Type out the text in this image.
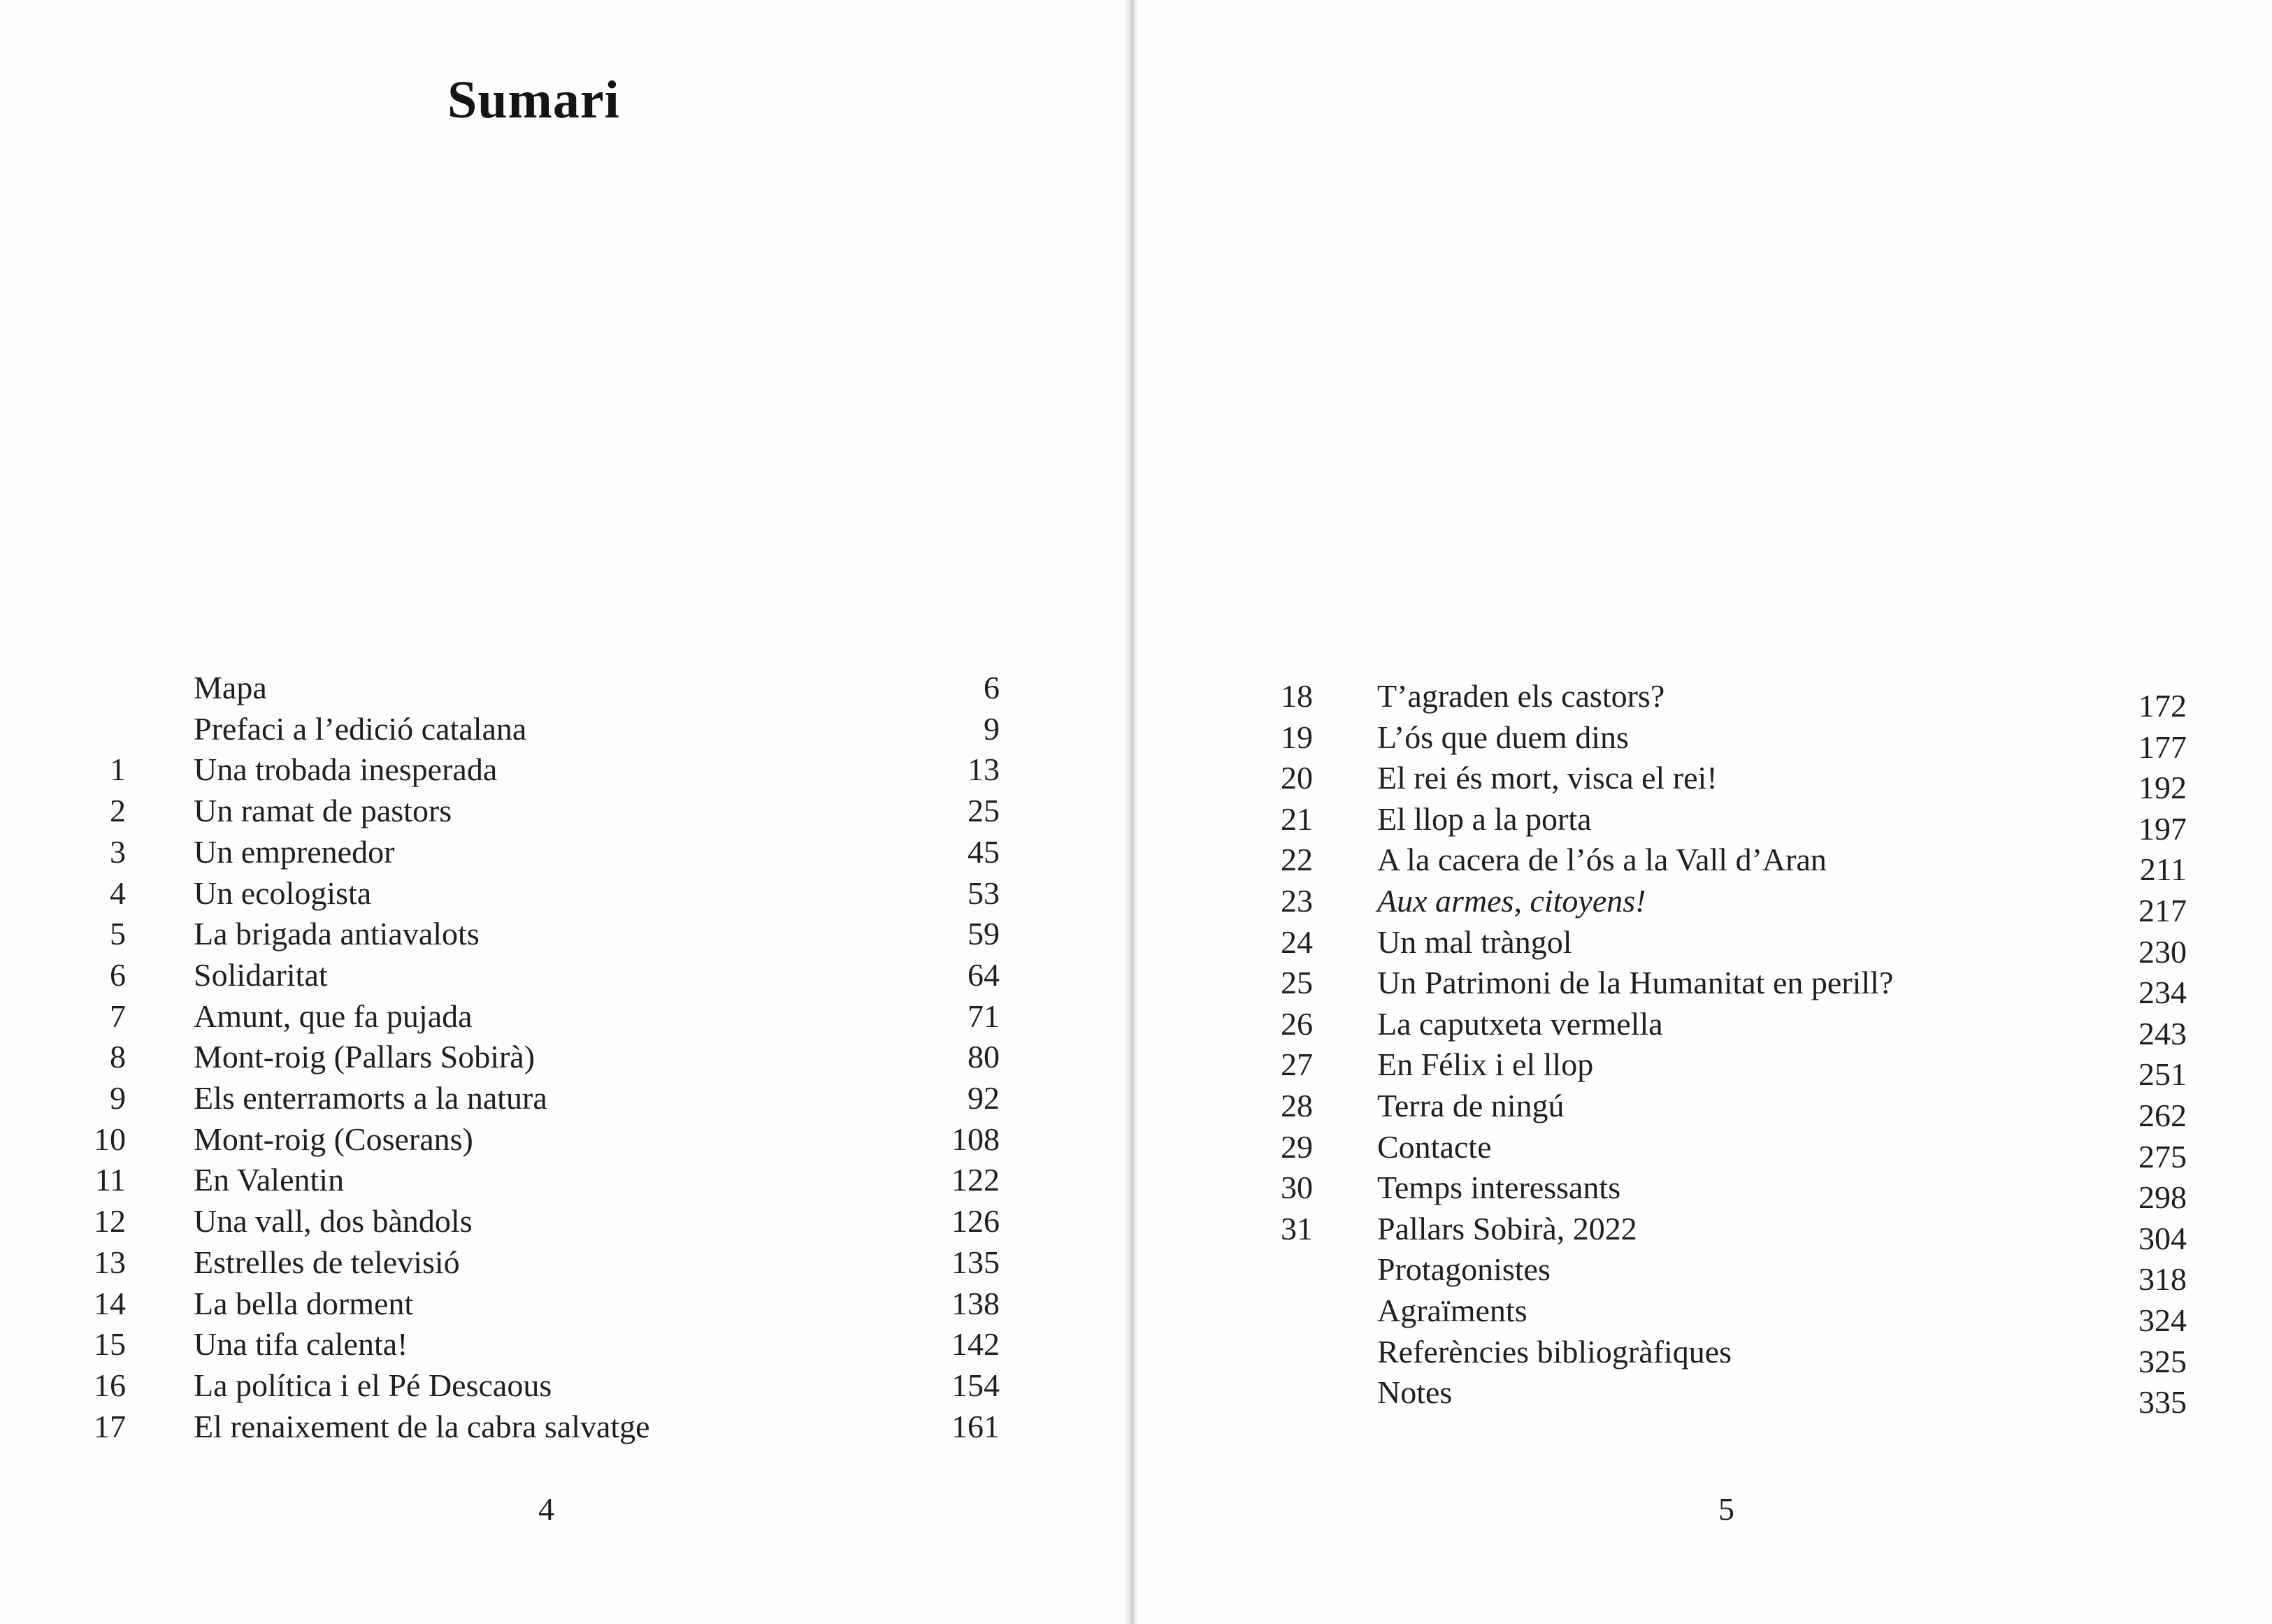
Sumari
Mapa	6
Prefaci a l’edició catalana	9
1 Una trobada inesperada	13
2 Un ramat de pastors	25
3 Un emprenedor	45
4 Un ecologista	53
5 La brigada antiavalots	59
6 Solidaritat	64
7 Amunt, que fa pujada	71
8 Mont-roig (Pallars Sobirà)	80
9 Els enterramorts a la natura	92
10 Mont-roig (Coserans)	108
11 En Valentin	122
12 Una vall, dos bàndols	126
13 Estrelles de televisió	135
14 La bella dorment	138
15 Una tifa calenta!	142
16 La política i el Pé Descaous	154
17 El renaixement de la cabra salvatge	161
4
18 T’agraden els castors?	172
19 L’ós que duem dins	177
20 El rei és mort, visca el rei!	192
21 El llop a la porta	197
22 A la cacera de l’ós a la Vall d’Aran	211
23 Aux armes, citoyens!	217
24 Un mal tràngol	230
25 Un Patrimoni de la Humanitat en perill?	234
26 La caputxeta vermella	243
27 En Félix i el llop	251
28 Terra de ningú	262
29 Contacte	275
30 Temps interessants	298
31 Pallars Sobirà, 2022	304
Protagonistes	318
Agraïments	324
Referències bibliogràfiques	325
Notes	335
5
